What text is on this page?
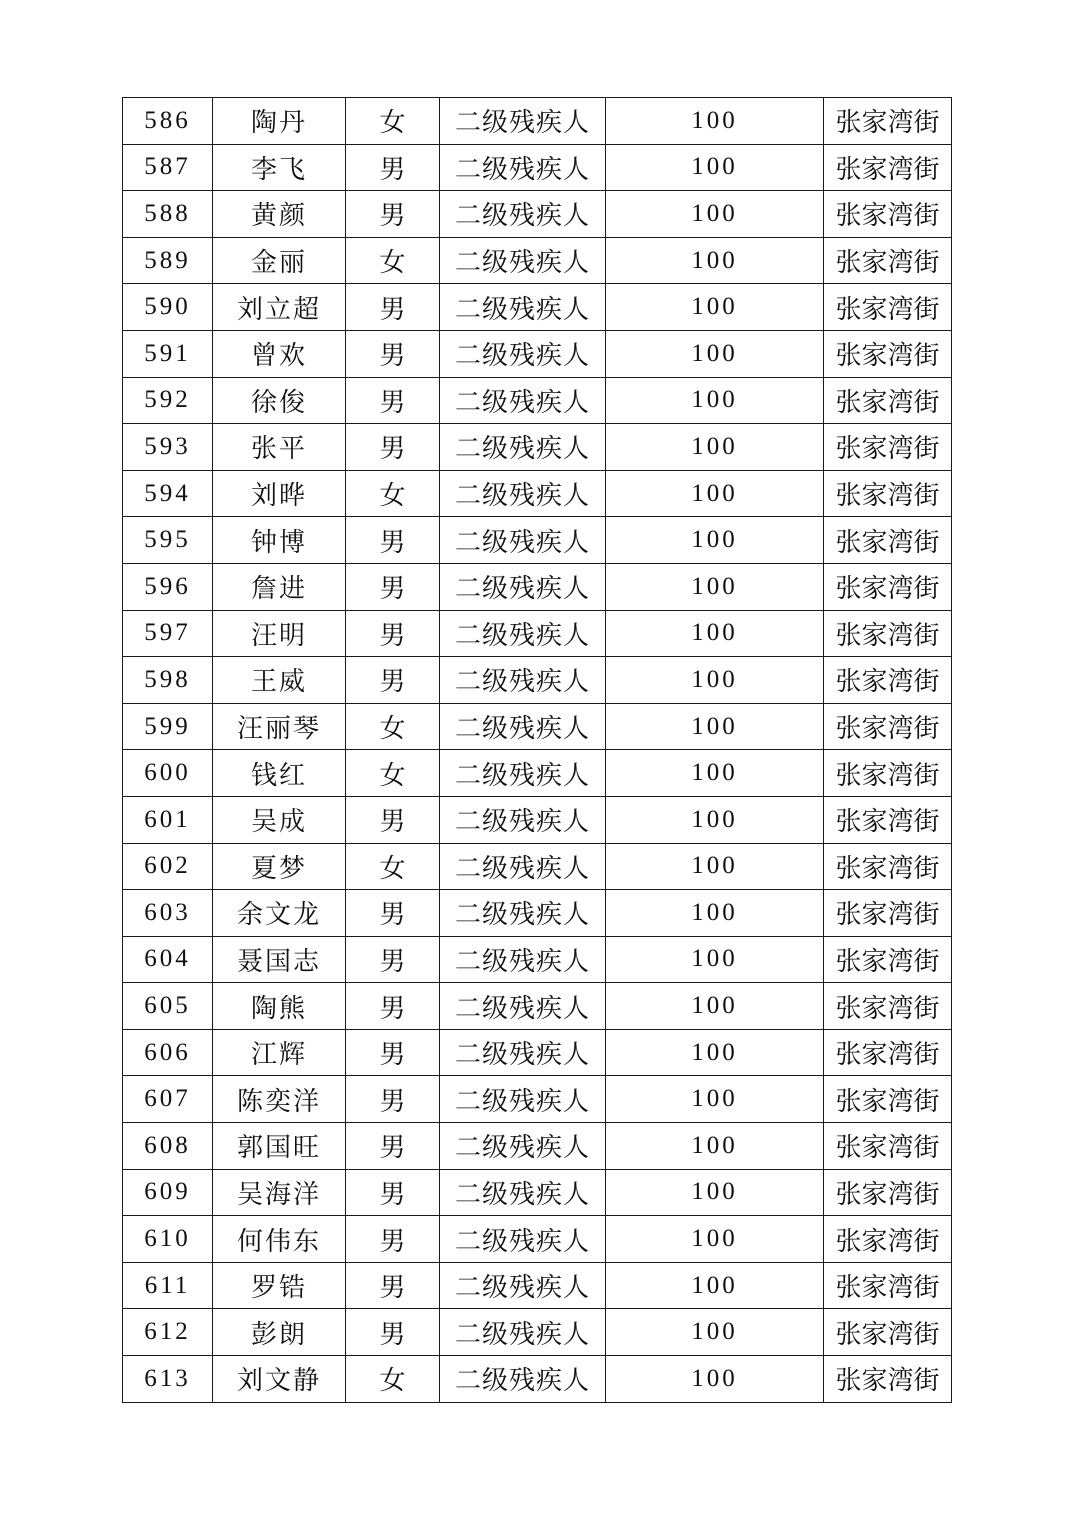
586	陶丹	女	二级残疾人	100	张家湾街
587	李飞	男	二级残疾人	100	张家湾街
588	黄颜	男	二级残疾人	100	张家湾街
589	金丽	女	二级残疾人	100	张家湾街
590	刘立超	男	二级残疾人	100	张家湾街
591	曾欢	男	二级残疾人	100	张家湾街
592	徐俊	男	二级残疾人	100	张家湾街
593	张平	男	二级残疾人	100	张家湾街
594	刘晔	女	二级残疾人	100	张家湾街
595	钟博	男	二级残疾人	100	张家湾街
596	詹进	男	二级残疾人	100	张家湾街
597	汪明	男	二级残疾人	100	张家湾街
598	王威	男	二级残疾人	100	张家湾街
599	汪丽琴	女	二级残疾人	100	张家湾街
600	钱红	女	二级残疾人	100	张家湾街
601	吴成	男	二级残疾人	100	张家湾街
602	夏梦	女	二级残疾人	100	张家湾街
603	余文龙	男	二级残疾人	100	张家湾街
604	聂国志	男	二级残疾人	100	张家湾街
605	陶熊	男	二级残疾人	100	张家湾街
606	江辉	男	二级残疾人	100	张家湾街
607	陈奕洋	男	二级残疾人	100	张家湾街
608	郭国旺	男	二级残疾人	100	张家湾街
609	吴海洋	男	二级残疾人	100	张家湾街
610	何伟东	男	二级残疾人	100	张家湾街
611	罗锆	男	二级残疾人	100	张家湾街
612	彭朗	男	二级残疾人	100	张家湾街
613	刘文静	女	二级残疾人	100	张家湾街
